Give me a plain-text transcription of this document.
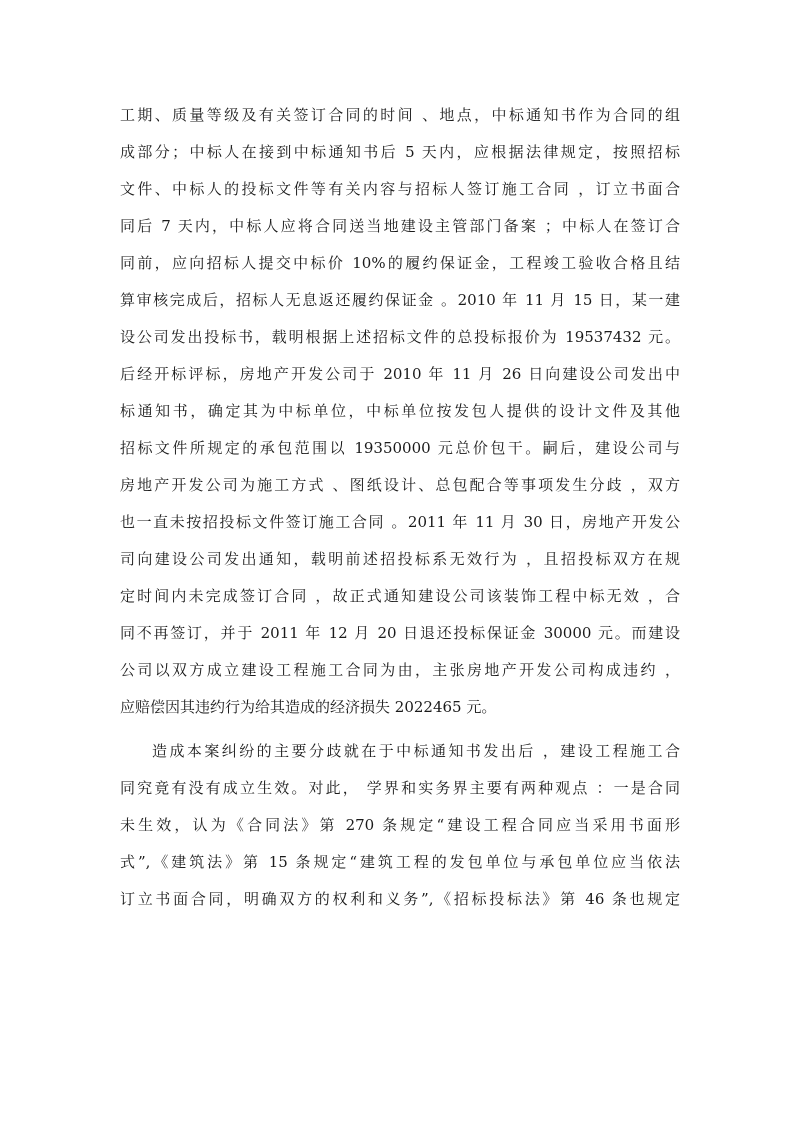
工期、质量等级及有关签订合同的时间 、地点，中标通知书作为合同的组
成部分；中标人在接到中标通知书后 5 天内，应根据法律规定，按照招标
文件、中标人的投标文件等有关内容与招标人签订施工合同 ，订立书面合
同后 7 天内，中标人应将合同送当地建设主管部门备案 ；中标人在签订合
同前，应向招标人提交中标价 10%的履约保证金，工程竣工验收合格且结
算审核完成后，招标人无息返还履约保证金 。2010 年 11 月 15 日，某一建
设公司发出投标书，载明根据上述招标文件的总投标报价为 19537432 元。
后经开标评标，房地产开发公司于 2010 年 11 月 26 日向建设公司发出中
标通知书，确定其为中标单位，中标单位按发包人提供的设计文件及其他
招标文件所规定的承包范围以 19350000 元总价包干。嗣后，建设公司与
房地产开发公司为施工方式 、图纸设计、总包配合等事项发生分歧 ，双方
也一直未按招投标文件签订施工合同 。2011 年 11 月 30 日，房地产开发公
司向建设公司发出通知，载明前述招投标系无效行为 ，且招投标双方在规
定时间内未完成签订合同 ，故正式通知建设公司该装饰工程中标无效 ，合
同不再签订，并于 2011 年 12 月 20 日退还投标保证金 30000 元。而建设
公司以双方成立建设工程施工合同为由，主张房地产开发公司构成违约 ，
应赔偿因其违约行为给其造成的经济损失 2022465 元。
造成本案纠纷的主要分歧就在于中标通知书发出后 ，建设工程施工合
同究竟有没有成立生效。对此， 学界和实务界主要有两种观点 ：一是合同
未生效，认为《合同法》第 270 条规定“建设工程合同应当采用书面形
式”,《建筑法》第 15 条规定“建筑工程的发包单位与承包单位应当依法
订立书面合同，明确双方的权利和义务”,《招标投标法》第 46 条也规定
